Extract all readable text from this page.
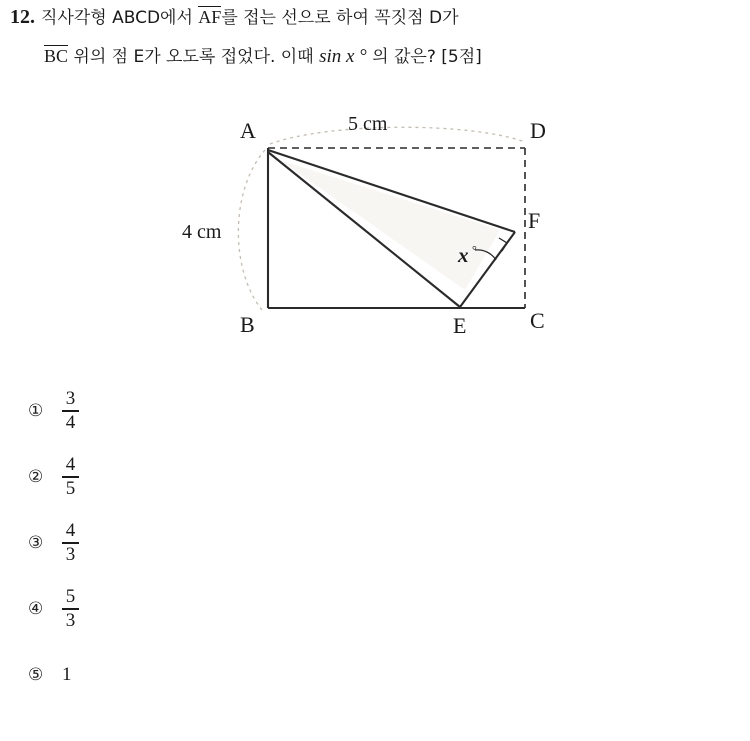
12. 직사각형 ABCD에서 AF를 접는 선으로 하여 꼭짓점 D가
BC 위의 점 E가 오도록 접었다. 이때 sin x ° 의 값은? [5점]
A	D
B	C
E
F
x °
5 cm
4 cm
① $\frac{3}{4}$
② $\frac{4}{5}$
③ $\frac{4}{3}$
④ $\frac{5}{3}$
⑤ 1
